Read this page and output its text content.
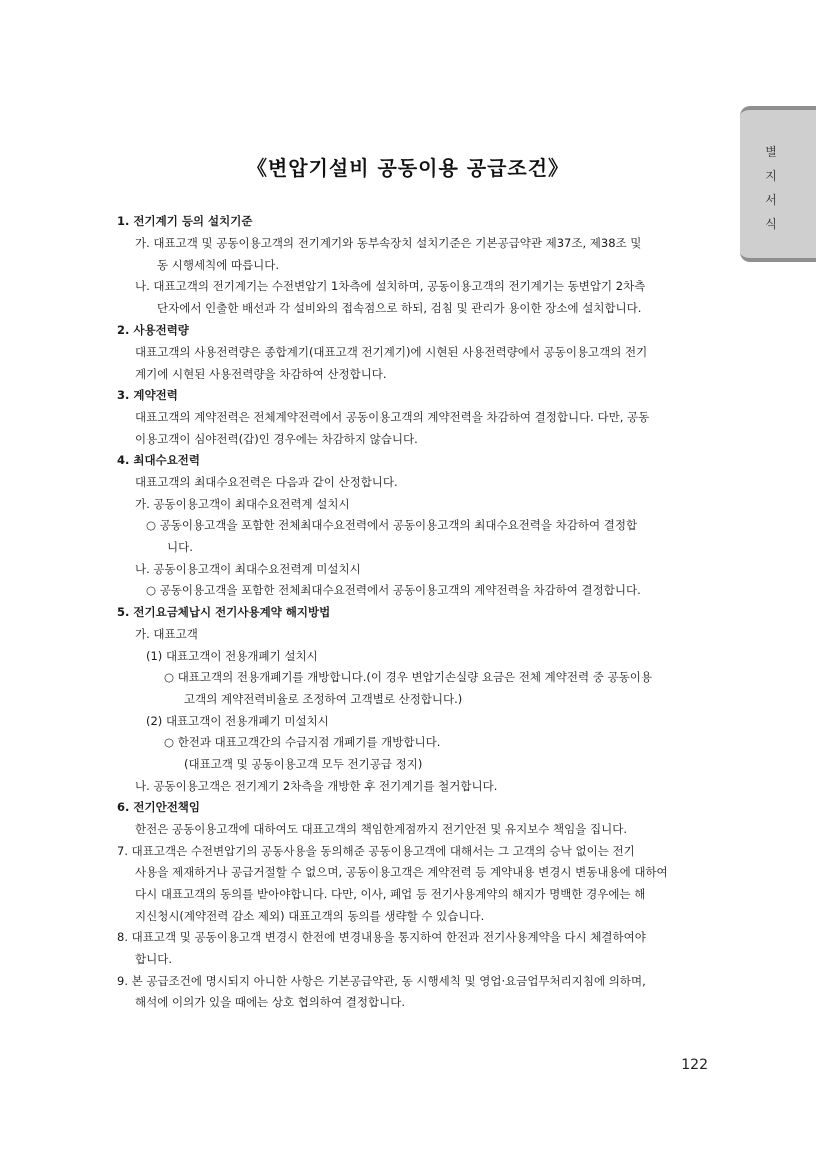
별
지
서
식
《변압기설비 공동이용 공급조건》
1. 전기계기 등의 설치기준
가. 대표고객 및 공동이용고객의 전기계기와 동부속장치 설치기준은 기본공급약관 제37조, 제38조 및
동 시행세칙에 따릅니다.
나. 대표고객의 전기계기는 수전변압기 1차측에 설치하며, 공동이용고객의 전기계기는 동변압기 2차측
단자에서 인출한 배선과 각 설비와의 접속점으로 하되, 검침 및 관리가 용이한 장소에 설치합니다.
2. 사용전력량
대표고객의 사용전력량은 종합계기(대표고객 전기계기)에 시현된 사용전력량에서 공동이용고객의 전기
계기에 시현된 사용전력량을 차감하여 산정합니다.
3. 계약전력
대표고객의 계약전력은 전체계약전력에서 공동이용고객의 계약전력을 차감하여 결정합니다. 다만, 공동
이용고객이 심야전력(갑)인 경우에는 차감하지 않습니다.
4. 최대수요전력
대표고객의 최대수요전력은 다음과 같이 산정합니다.
가. 공동이용고객이 최대수요전력계 설치시
○ 공동이용고객을 포함한 전체최대수요전력에서 공동이용고객의 최대수요전력을 차감하여 결정합
니다.
나. 공동이용고객이 최대수요전력계 미설치시
○ 공동이용고객을 포함한 전체최대수요전력에서 공동이용고객의 계약전력을 차감하여 결정합니다.
5. 전기요금체납시 전기사용계약 해지방법
가. 대표고객
(1) 대표고객이 전용개폐기 설치시
○ 대표고객의 전용개폐기를 개방합니다.(이 경우 변압기손실량 요금은 전체 계약전력 중 공동이용
고객의 계약전력비율로 조정하여 고객별로 산정합니다.)
(2) 대표고객이 전용개폐기 미설치시
○ 한전과 대표고객간의 수급지점 개폐기를 개방합니다.
(대표고객 및 공동이용고객 모두 전기공급 정지)
나. 공동이용고객은 전기계기 2차측을 개방한 후 전기계기를 철거합니다.
6. 전기안전책임
한전은 공동이용고객에 대하여도 대표고객의 책임한계점까지 전기안전 및 유지보수 책임을 집니다.
7. 대표고객은 수전변압기의 공동사용을 동의해준 공동이용고객에 대해서는 그 고객의 승낙 없이는 전기
사용을 제재하거나 공급거절할 수 없으며, 공동이용고객은 계약전력 등 계약내용 변경시 변동내용에 대하여
다시 대표고객의 동의를 받아야합니다. 다만, 이사, 폐업 등 전기사용계약의 해지가 명백한 경우에는 해
지신청시(계약전력 감소 제외) 대표고객의 동의를 생략할 수 있습니다.
8. 대표고객 및 공동이용고객 변경시 한전에 변경내용을 통지하여 한전과 전기사용계약을 다시 체결하여야
합니다.
9. 본 공급조건에 명시되지 아니한 사항은 기본공급약관, 동 시행세칙 및 영업·요금업무처리지침에 의하며,
해석에 이의가 있을 때에는 상호 협의하여 결정합니다.
122
